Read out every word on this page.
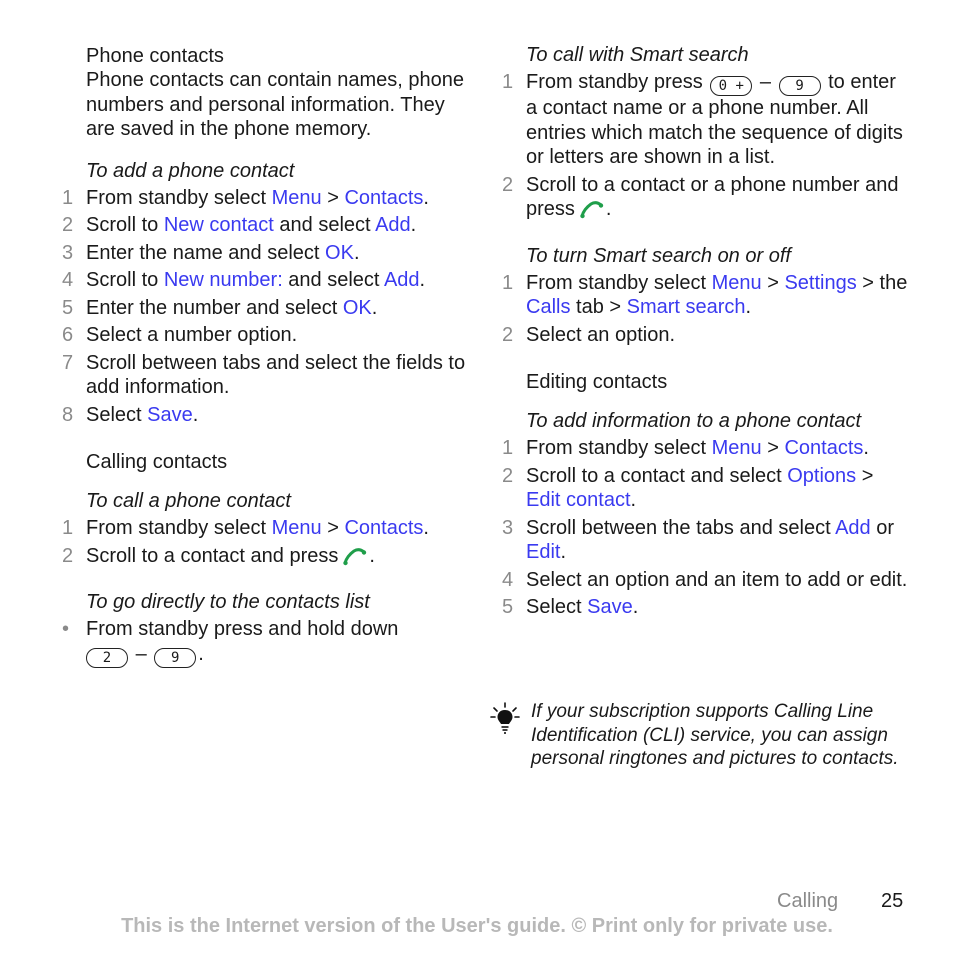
Phone contacts

Phone contacts can contain names, phone numbers and personal information. They are saved in the phone memory.

To add a phone contact
1 From standby select Menu > Contacts.
2 Scroll to New contact and select Add.
3 Enter the name and select OK.
4 Scroll to New number: and select Add.
5 Enter the number and select OK.
6 Select a number option.
7 Scroll between tabs and select the fields to add information.
8 Select Save.
Calling contacts
To call a phone contact
1 From standby select Menu > Contacts.
2 Scroll to a contact and press .
To go directly to the contacts list
• From standby press and hold down
2 – 9 .
To call with Smart search
1 From standby press 0 + – 9 to enter a contact name or a phone number. All entries which match the sequence of digits or letters are shown in a list.
2 Scroll to a contact or a phone number and press .
To turn Smart search on or off
1 From standby select Menu > Settings > the Calls tab > Smart search.
2 Select an option.
Editing contacts
To add information to a phone contact
1 From standby select Menu > Contacts.
2 Scroll to a contact and select Options > Edit contact.
3 Scroll between the tabs and select Add or Edit.
4 Select an option and an item to add or edit.
5 Select Save.
If your subscription supports Calling Line Identification (CLI) service, you can assign personal ringtones and pictures to contacts.
Calling 25
This is the Internet version of the User's guide. © Print only for private use.
